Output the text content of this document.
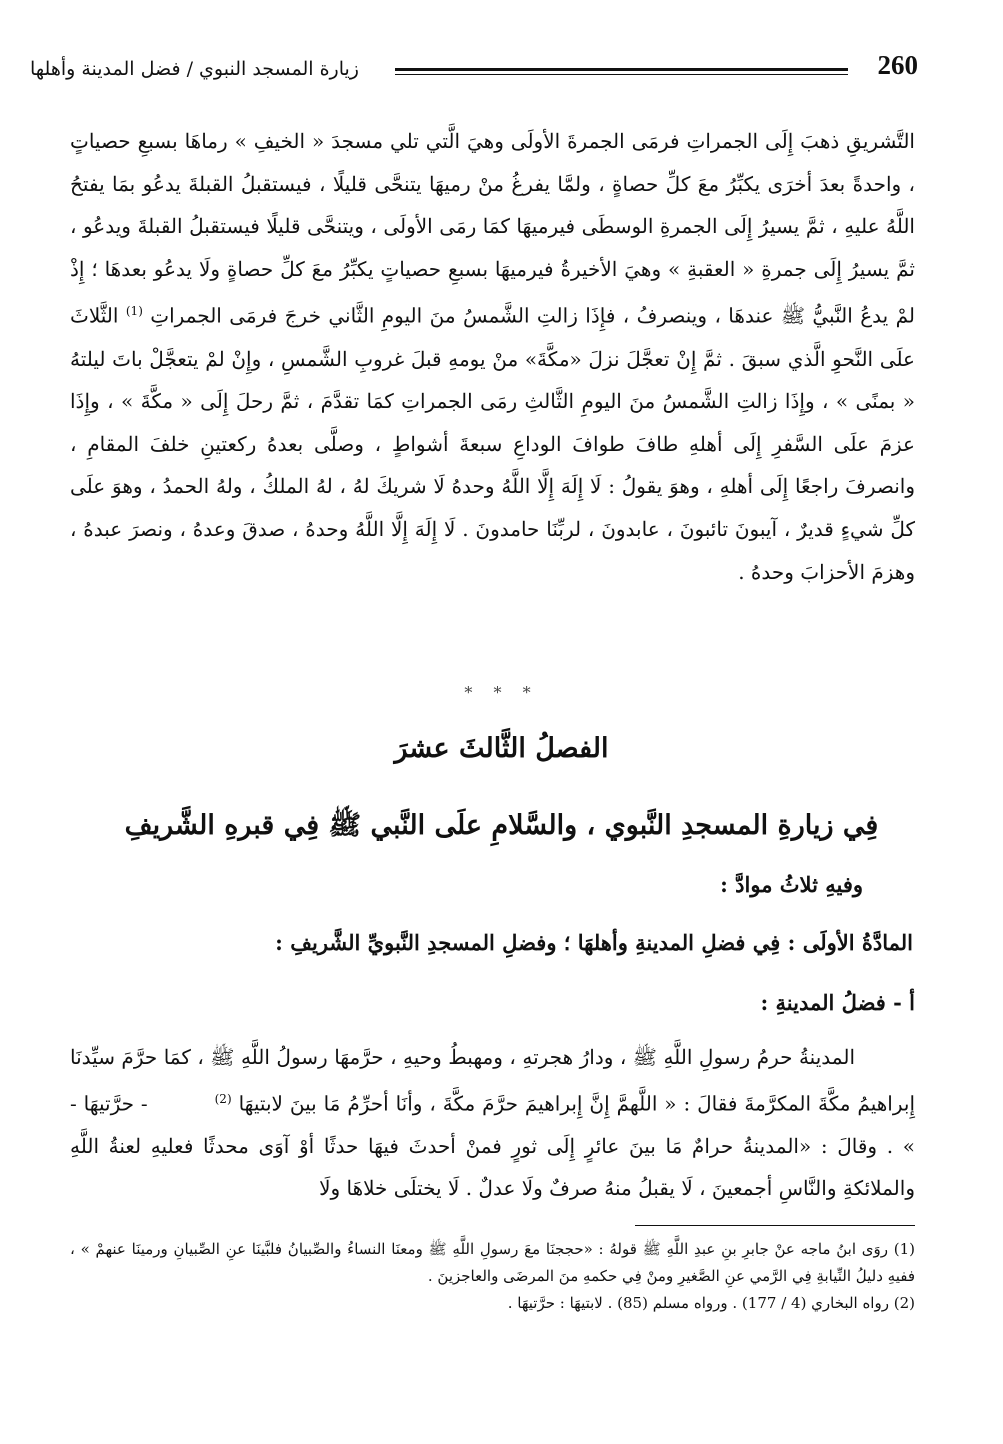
260
زيارة المسجد النبوي / فضل المدينة وأهلها

التَّشريقِ ذهبَ إِلَى الجمراتِ فرمَى الجمرةَ الأولَى وهيَ الَّتي تلي مسجدَ « الخيفِ » رماهَا بسبعِ حصياتٍ ، واحدةً بعدَ أخرَى يكبِّرُ معَ كلِّ حصاةٍ ، ولمَّا يفرغُ منْ رميهَا يتنحَّى قليلًا ، فيستقبلُ القبلةَ يدعُو بمَا يفتحُ اللَّهُ عليهِ ، ثمَّ يسيرُ إِلَى الجمرةِ الوسطَى فيرميهَا كمَا رمَى الأولَى ، ويتنحَّى قليلًا فيستقبلُ القبلةَ ويدعُو ، ثمَّ يسيرُ إِلَى جمرةِ « العقبةِ » وهيَ الأخيرةُ فيرميهَا بسبعِ حصياتٍ يكبِّرُ معَ كلِّ حصاةٍ ولَا يدعُو بعدهَا ؛ إِذْ لمْ يدعُ النَّبيُّ ﷺ عندهَا ، وينصرفُ ، فإِذَا زالتِ الشَّمسُ منَ اليومِ الثَّاني خرجَ فرمَى الجمراتِ (1) الثَّلاثَ علَى النَّحوِ الَّذي سبقَ . ثمَّ إِنْ تعجَّلَ نزلَ «مكَّةَ» منْ يومهِ قبلَ غروبِ الشَّمسِ ، وإِنْ لمْ يتعجَّلْ باتَ ليلتهُ « بمنًى » ، وإِذَا زالتِ الشَّمسُ منَ اليومِ الثَّالثِ رمَى الجمراتِ كمَا تقدَّمَ ، ثمَّ رحلَ إِلَى « مكَّةَ » ، وإِذَا عزمَ علَى السَّفرِ إِلَى أهلهِ طافَ طوافَ الوداعِ سبعةَ أشواطٍ ، وصلَّى بعدهُ ركعتينِ خلفَ المقامِ ، وانصرفَ راجعًا إِلَى أهلهِ ، وهوَ يقولُ : لَا إِلَهَ إِلَّا اللَّهُ وحدهُ لَا شريكَ لهُ ، لهُ الملكُ ، ولهُ الحمدُ ، وهوَ علَى كلِّ شيءٍ قديرٌ ، آيبونَ تائبونَ ، عابدونَ ، لربِّنَا حامدونَ . لَا إِلَهَ إِلَّا اللَّهُ وحدهُ ، صدقَ وعدهُ ، ونصرَ عبدهُ ، وهزمَ الأحزابَ وحدهُ .

* * *
الفصلُ الثَّالثَ عشرَ
فِي زيارةِ المسجدِ النَّبوي ، والسَّلامِ علَى النَّبي ﷺ فِي قبرهِ الشَّريفِ
وفيهِ ثلاثُ موادَّ :
المادَّةُ الأولَى : فِي فضلِ المدينةِ وأهلهَا ؛ وفضلِ المسجدِ النَّبويِّ الشَّريفِ :
أ - فضلُ المدينةِ :

المدينةُ حرمُ رسولِ اللَّهِ ﷺ ، ودارُ هجرتهِ ، ومهبطُ وحيهِ ، حرَّمهَا رسولُ اللَّهِ ﷺ ، كمَا حرَّمَ سيِّدنَا إِبراهيمُ مكَّةَ المكرَّمةَ فقالَ : « اللَّهمَّ إِنَّ إِبراهيمَ حرَّمَ مكَّةَ ، وأنَا أحرِّمُ مَا بينَ لابتيهَا (2) - حرَّتيهَا - » . وقالَ : «المدينةُ حرامٌ مَا بينَ عائرٍ إِلَى ثورٍ فمنْ أحدثَ فيهَا حدثًا أوْ آوَى محدثًا فعليهِ لعنةُ اللَّهِ والملائكةِ والنَّاسِ أجمعينَ ، لَا يقبلُ منهُ صرفٌ ولَا عدلٌ . لَا يختلَى خلاهَا ولَا

(1) روَى ابنُ ماجه عنْ جابرِ بنِ عبدِ اللَّهِ ﷺ قولهُ : «حججنَا معَ رسولِ اللَّهِ ﷺ ومعنَا النساءُ والصِّبيانُ فلبَّينَا عنِ الصِّبيانِ ورمينَا عنهمْ » ، ففيهِ دليلُ النِّيابةِ فِي الرَّمي عنِ الصَّغيرِ ومنْ فِي حكمهِ منَ المرضَى والعاجزينَ .

(2) رواه البخاري (4 / 177) . ورواه مسلم (85) . لابتيهَا : حرَّتيهَا .
